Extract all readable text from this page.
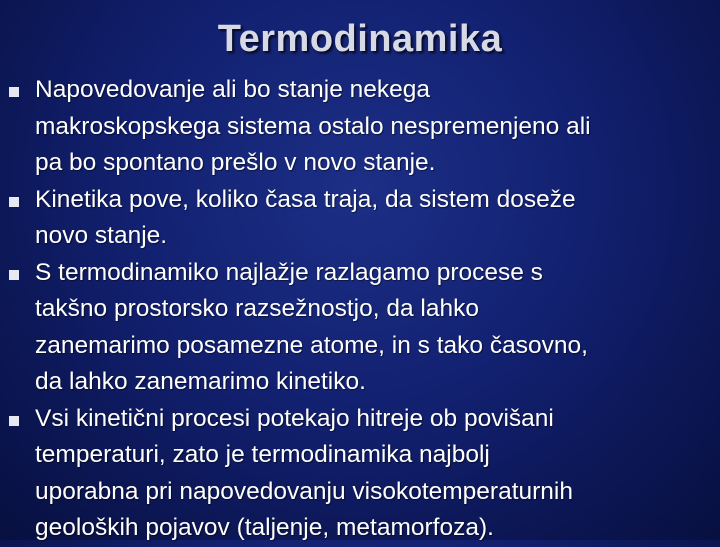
Termodinamika
Napovedovanje ali bo stanje nekega
makroskopskega sistema ostalo nespremenjeno ali
pa bo spontano prešlo v novo stanje.
Kinetika pove, koliko časa traja, da sistem doseže
novo stanje.
S termodinamiko najlažje razlagamo procese s
takšno prostorsko razsežnostjo, da lahko
zanemarimo posamezne atome, in s tako časovno,
da lahko zanemarimo kinetiko.
Vsi kinetični procesi potekajo hitreje ob povišani
temperaturi, zato je termodinamika najbolj
uporabna pri napovedovanju visokotemperaturnih
geoloških pojavov (taljenje, metamorfoza).
